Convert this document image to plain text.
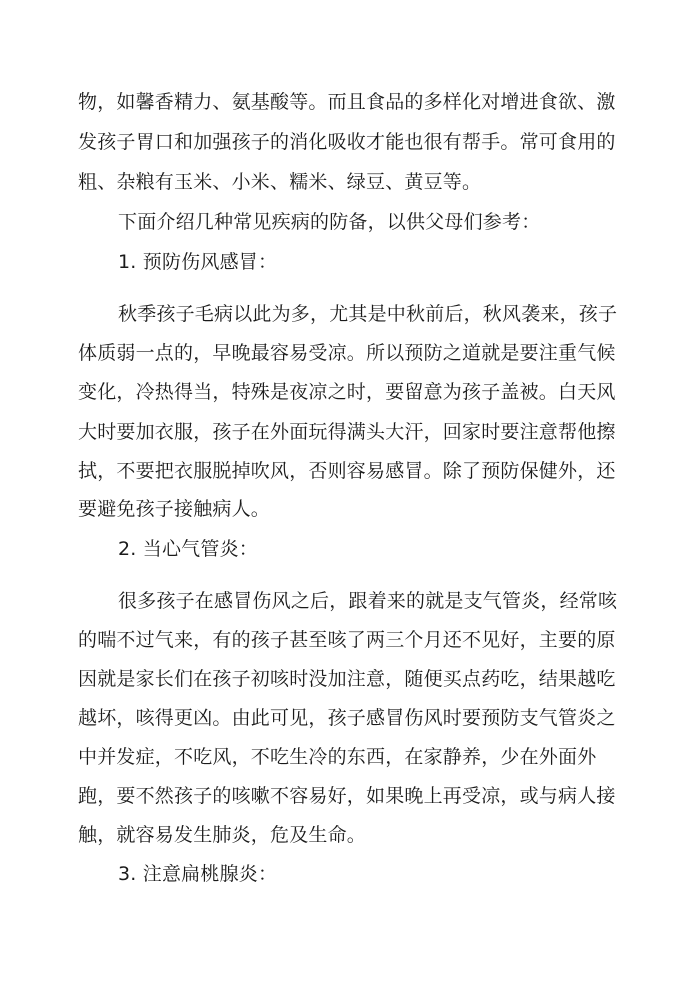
物，如馨香精力、氨基酸等。而且食品的多样化对增进食欲、激

发孩子胃口和加强孩子的消化吸收才能也很有帮手。常可食用的

粗、杂粮有玉米、小米、糯米、绿豆、黄豆等。

下面介绍几种常见疾病的防备，以供父母们参考：

1. 预防伤风感冒：

秋季孩子毛病以此为多，尤其是中秋前后，秋风袭来，孩子

体质弱一点的，早晚最容易受凉。所以预防之道就是要注重气候

变化，冷热得当，特殊是夜凉之时，要留意为孩子盖被。白天风

大时要加衣服，孩子在外面玩得满头大汗，回家时要注意帮他擦

拭，不要把衣服脱掉吹风，否则容易感冒。除了预防保健外，还

要避免孩子接触病人。

2. 当心气管炎：

很多孩子在感冒伤风之后，跟着来的就是支气管炎，经常咳

的喘不过气来，有的孩子甚至咳了两三个月还不见好，主要的原

因就是家长们在孩子初咳时没加注意，随便买点药吃，结果越吃

越坏，咳得更凶。由此可见，孩子感冒伤风时要预防支气管炎之

中并发症，不吃风，不吃生冷的东西，在家静养，少在外面外

跑，要不然孩子的咳嗽不容易好，如果晚上再受凉，或与病人接

触，就容易发生肺炎，危及生命。

3. 注意扁桃腺炎：
